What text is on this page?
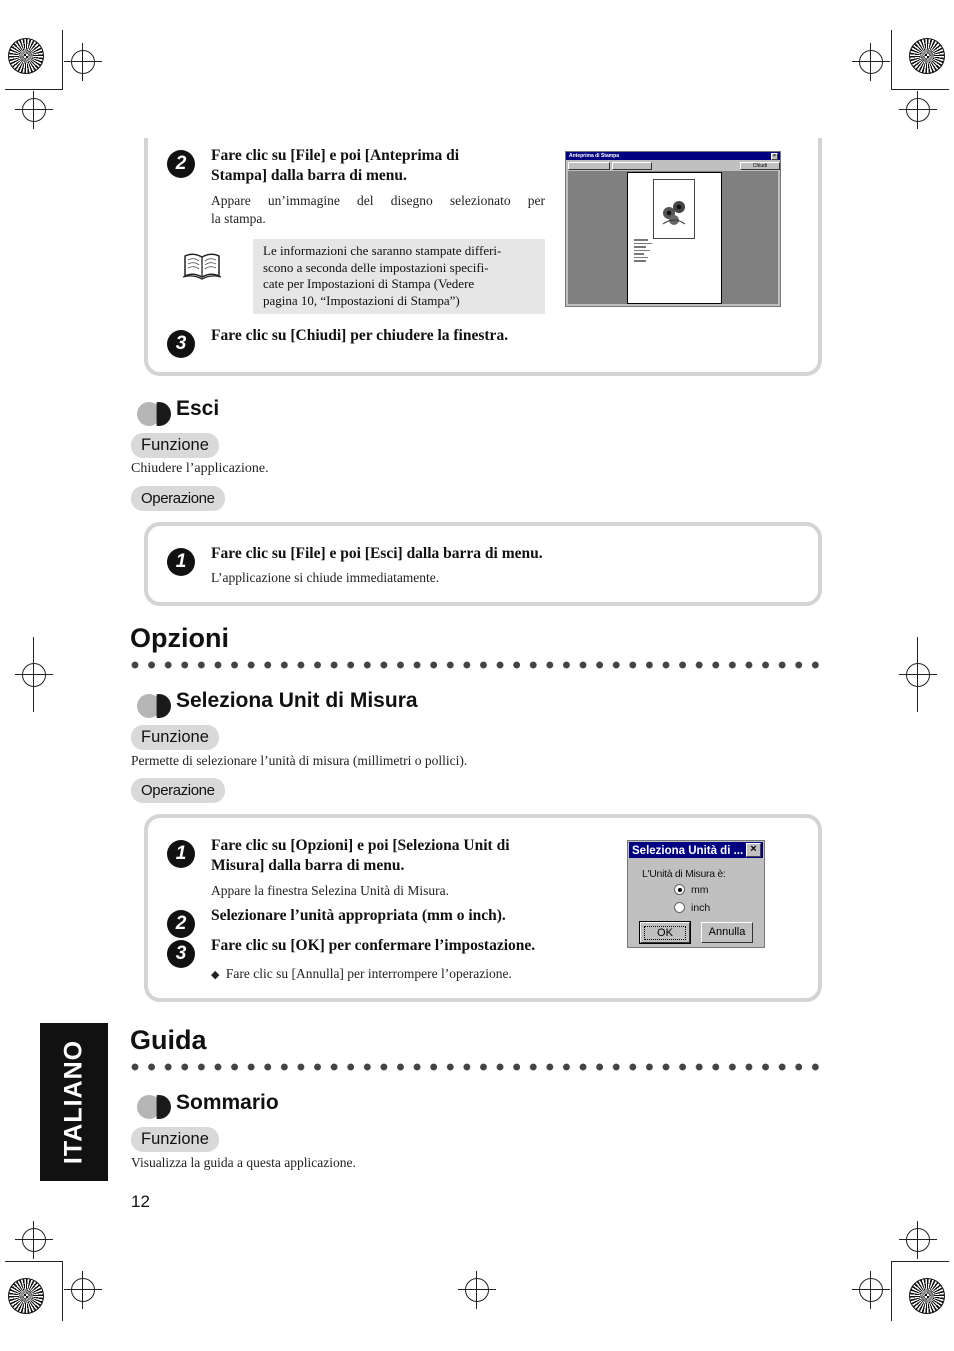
2	Fare clic su [File] e poi [Anteprima di
Stampa] dalla barra di menu.
Appare un’immagine del disegno selezionato per
la stampa.
Le informazioni che saranno stampate differi-
scono a seconda delle impostazioni specifi-
cate per Impostazioni di Stampa (Vedere
pagina 10, “Impostazioni di Stampa”)
3	Fare clic su [Chiudi] per chiudere la finestra.
Anteprima di Stampa	×
Chiudi
Esci
Funzione
Chiudere l’applicazione.
Operazione
1	Fare clic su [File] e poi [Esci] dalla barra di menu.
L’applicazione si chiude immediatamente.
Opzioni
Seleziona Unit di Misura
Funzione
Permette di selezionare l’unità di misura (millimetri o pollici).
Operazione
1	Fare clic su [Opzioni] e poi [Seleziona Unit di
Misura] dalla barra di menu.
Appare la finestra Selezina Unità di Misura.
2	Selezionare l’unità appropriata (mm o inch).
3	Fare clic su [OK] per confermare l’impostazione.
◆ Fare clic su [Annulla] per interrompere l’operazione.
Seleziona Unità di ... ×
L'Unità di Misura è:
mm
inch
OK	Annulla
Guida
Sommario
Funzione
Visualizza la guida a questa applicazione.
ITALIANO
12
